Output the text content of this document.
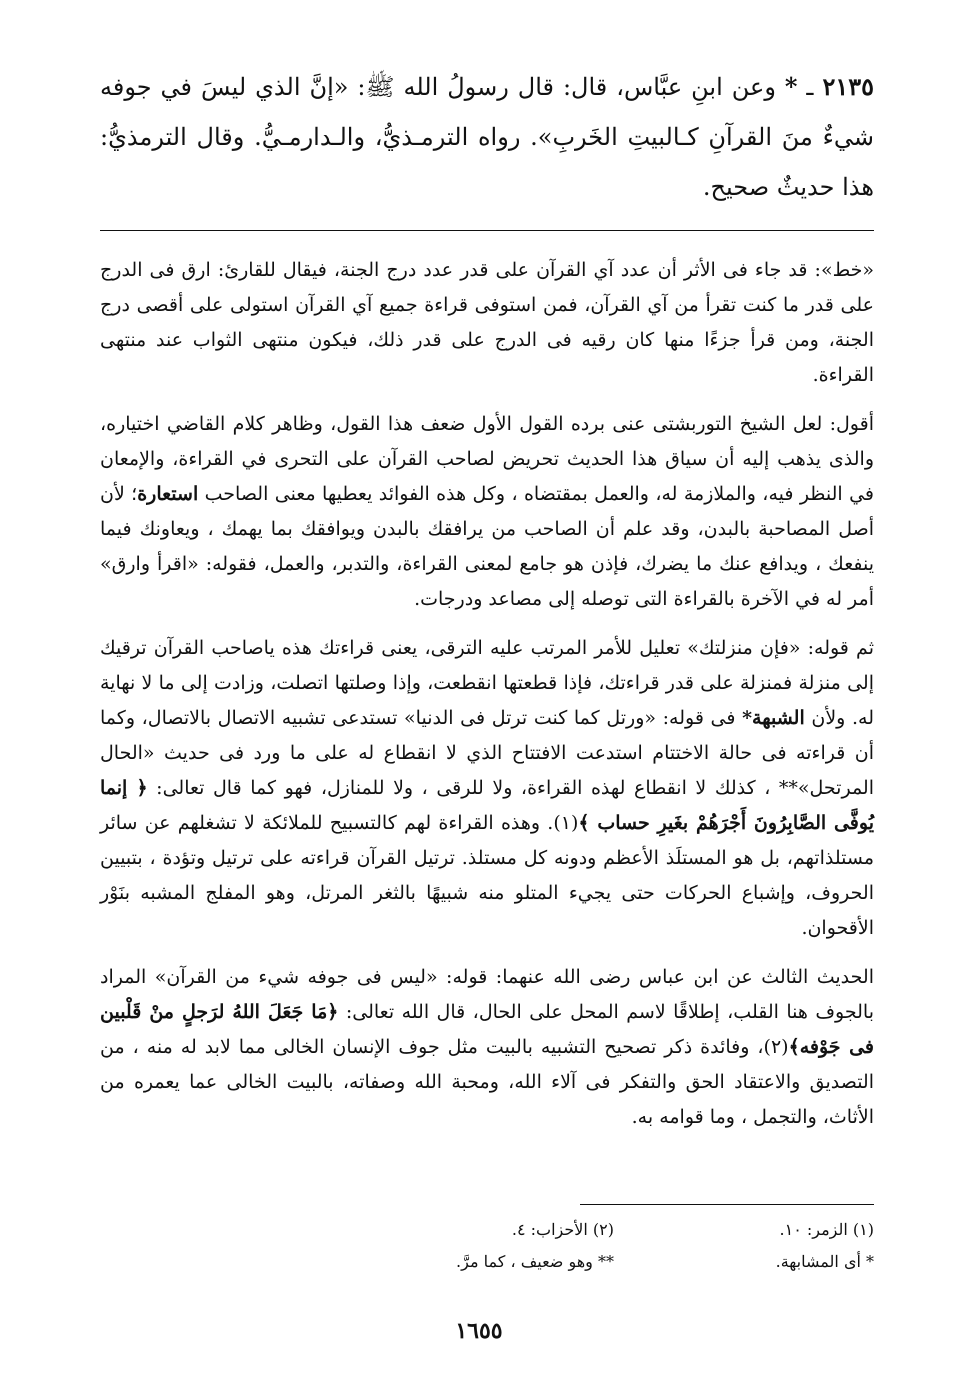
٢١٣٥ ـ * وعن ابنِ عبَّاس، قال: قال رسولُ الله ﷺ: «إنَّ الذي ليسَ في جوفه شيءٌ منَ القرآنِ كـالبيتِ الخَربِ». رواه الترمـذيُّ، والـدارمـيُّ. وقال الترمذيُّ: هذا حديثٌ صحيح.

«خط»: قد جاء فى الأثر أن عدد آي القرآن على قدر عدد درج الجنة، فيقال للقارئ: ارق فى الدرج على قدر ما كنت تقرأ من آي القرآن، فمن استوفى قراءة جميع آي القرآن استولى على أقصى درج الجنة، ومن قرأ جزءًا منها كان رقيه فى الدرج على قدر ذلك، فيكون منتهى الثواب عند منتهى القراءة.

أقول: لعل الشيخ التوربشتى عنى برده القول الأول ضعف هذا القول، وظاهر كلام القاضي اختياره، والذى يذهب إليه أن سياق هذا الحديث تحريض لصاحب القرآن على التحرى في القراءة، والإمعان في النظر فيه، والملازمة له، والعمل بمقتضاه ، وكل هذه الفوائد يعطيها معنى الصاحب استعارة؛ لأن أصل المصاحبة بالبدن، وقد علم أن الصاحب من يرافقك بالبدن ويوافقك بما يهمك ، ويعاونك فيما ينفعك ، ويدافع عنك ما يضرك، فإذن هو جامع لمعنى القراءة، والتدبر، والعمل، فقوله: «اقرأ وارق» أمر له في الآخرة بالقراءة التى توصله إلى مصاعد ودرجات.

ثم قوله: «فإن منزلتك» تعليل للأمر المرتب عليه الترقى، يعنى قراءتك هذه ياصاحب القرآن ترقيك إلى منزلة فمنزلة على قدر قراءتك، فإذا قطعتها انقطعت، وإذا وصلتها اتصلت، وزادت إلى ما لا نهاية له. ولأن الشبهة* فى قوله: «ورتل كما كنت ترتل فى الدنيا» تستدعى تشبيه الاتصال بالاتصال، وكما أن قراءته فى حالة الاختتام استدعت الافتتاح الذي لا انقطاع له على ما ورد فى حديث «الحال المرتحل»** ، كذلك لا انقطاع لهذه القراءة، ولا للرقى ، ولا للمنازل، فهو كما قال تعالى: ﴿ إنما يُوفَّى الصَّابِرُونَ أَجْرَهُمْ بغَيرِ حساب ﴾(١). وهذه القراءة لهم كالتسبيح للملائكة لا تشغلهم عن سائر مستلذاتهم، بل هو المستلَذ الأعظم ودونه كل مستلذ. ترتيل القرآن قراءته على ترتيل وتؤدة ، بتبيين الحروف، وإشباع الحركات حتى يجيء المتلو منه شبيهًا بالثغر المرتل، وهو المفلج المشبه بنَوْر الأقحوان.

الحديث الثالث عن ابن عباس رضى الله عنهما: قوله: «ليس فى جوفه شيء من القرآن» المراد بالجوف هنا القلب، إطلاقًا لاسم المحل على الحال، قال الله تعالى: ﴿مَا جَعَلَ اللهُ لرَجلٍ منْ قَلْبين فى جَوْفه﴾(٢)، وفائدة ذكر تصحيح التشبيه بالبيت مثل جوف الإنسان الخالى مما لابد له منه ، من التصديق والاعتقاد الحق والتفكر فى آلاء الله، ومحبة الله وصفاته، بالبيت الخالى عما يعمره من الأثاث، والتجمل ، وما قوامه به.

(١) الزمر: ١٠.
(٢) الأحزاب: ٤.
* أى المشابهة.
** وهو ضعيف ، كما مرَّ.
١٦٥٥
